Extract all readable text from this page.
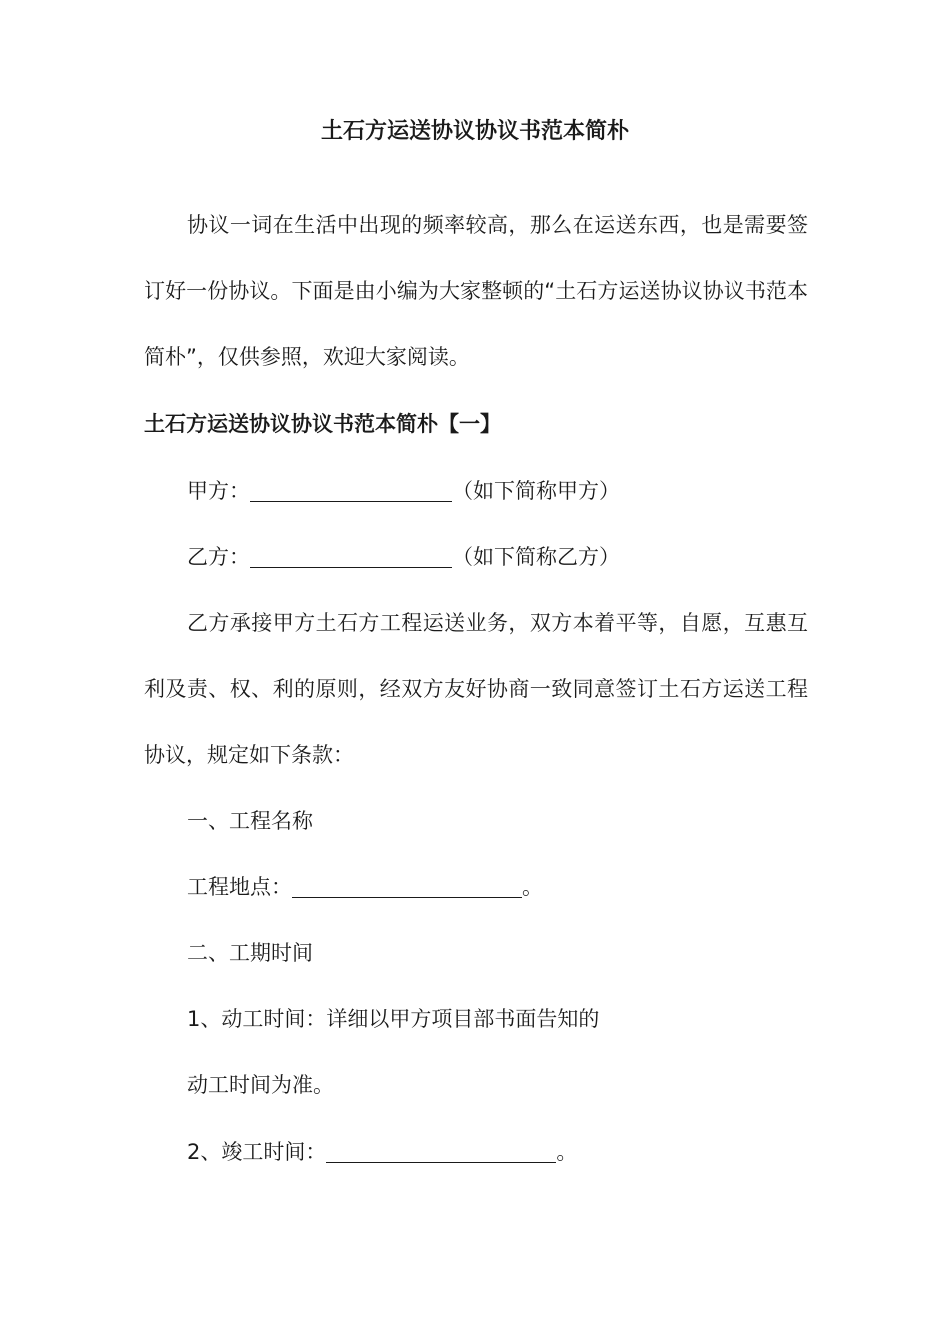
土石方运送协议协议书范本简朴
协议一词在生活中出现的频率较高，那么在运送东西，也是需要签订好一份协议。下面是由小编为大家整顿的“土石方运送协议协议书范本简朴”，仅供参照，欢迎大家阅读。
土石方运送协议协议书范本简朴【一】
甲方：	（如下简称甲方）
乙方：	（如下简称乙方）
乙方承接甲方土石方工程运送业务，双方本着平等，自愿，互惠互利及责、权、利的原则，经双方友好协商一致同意签订土石方运送工程协议，规定如下条款：
一、工程名称
工程地点：	。
二、工期时间
1、动工时间：详细以甲方项目部书面告知的
动工时间为准。
2、竣工时间：	。
